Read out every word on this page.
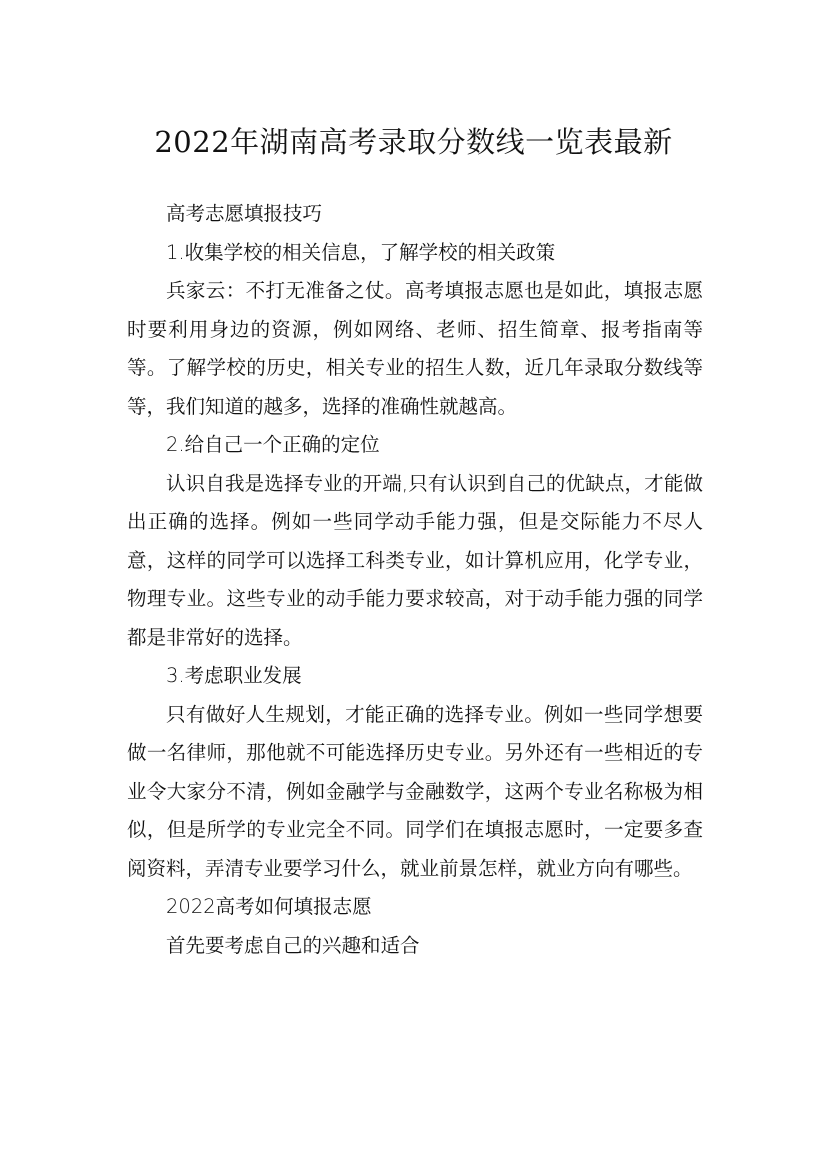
2022年湖南高考录取分数线一览表最新

高考志愿填报技巧

1.收集学校的相关信息，了解学校的相关政策

兵家云：不打无准备之仗。高考填报志愿也是如此，填报志愿时要利用身边的资源，例如网络、老师、招生简章、报考指南等等。了解学校的历史，相关专业的招生人数，近几年录取分数线等等，我们知道的越多，选择的准确性就越高。

2.给自己一个正确的定位

认识自我是选择专业的开端,只有认识到自己的优缺点，才能做出正确的选择。例如一些同学动手能力强，但是交际能力不尽人意，这样的同学可以选择工科类专业，如计算机应用，化学专业，物理专业。这些专业的动手能力要求较高，对于动手能力强的同学都是非常好的选择。

3.考虑职业发展

只有做好人生规划，才能正确的选择专业。例如一些同学想要做一名律师，那他就不可能选择历史专业。另外还有一些相近的专业令大家分不清，例如金融学与金融数学，这两个专业名称极为相似，但是所学的专业完全不同。同学们在填报志愿时，一定要多查阅资料，弄清专业要学习什么，就业前景怎样，就业方向有哪些。

2022高考如何填报志愿

首先要考虑自己的兴趣和适合
